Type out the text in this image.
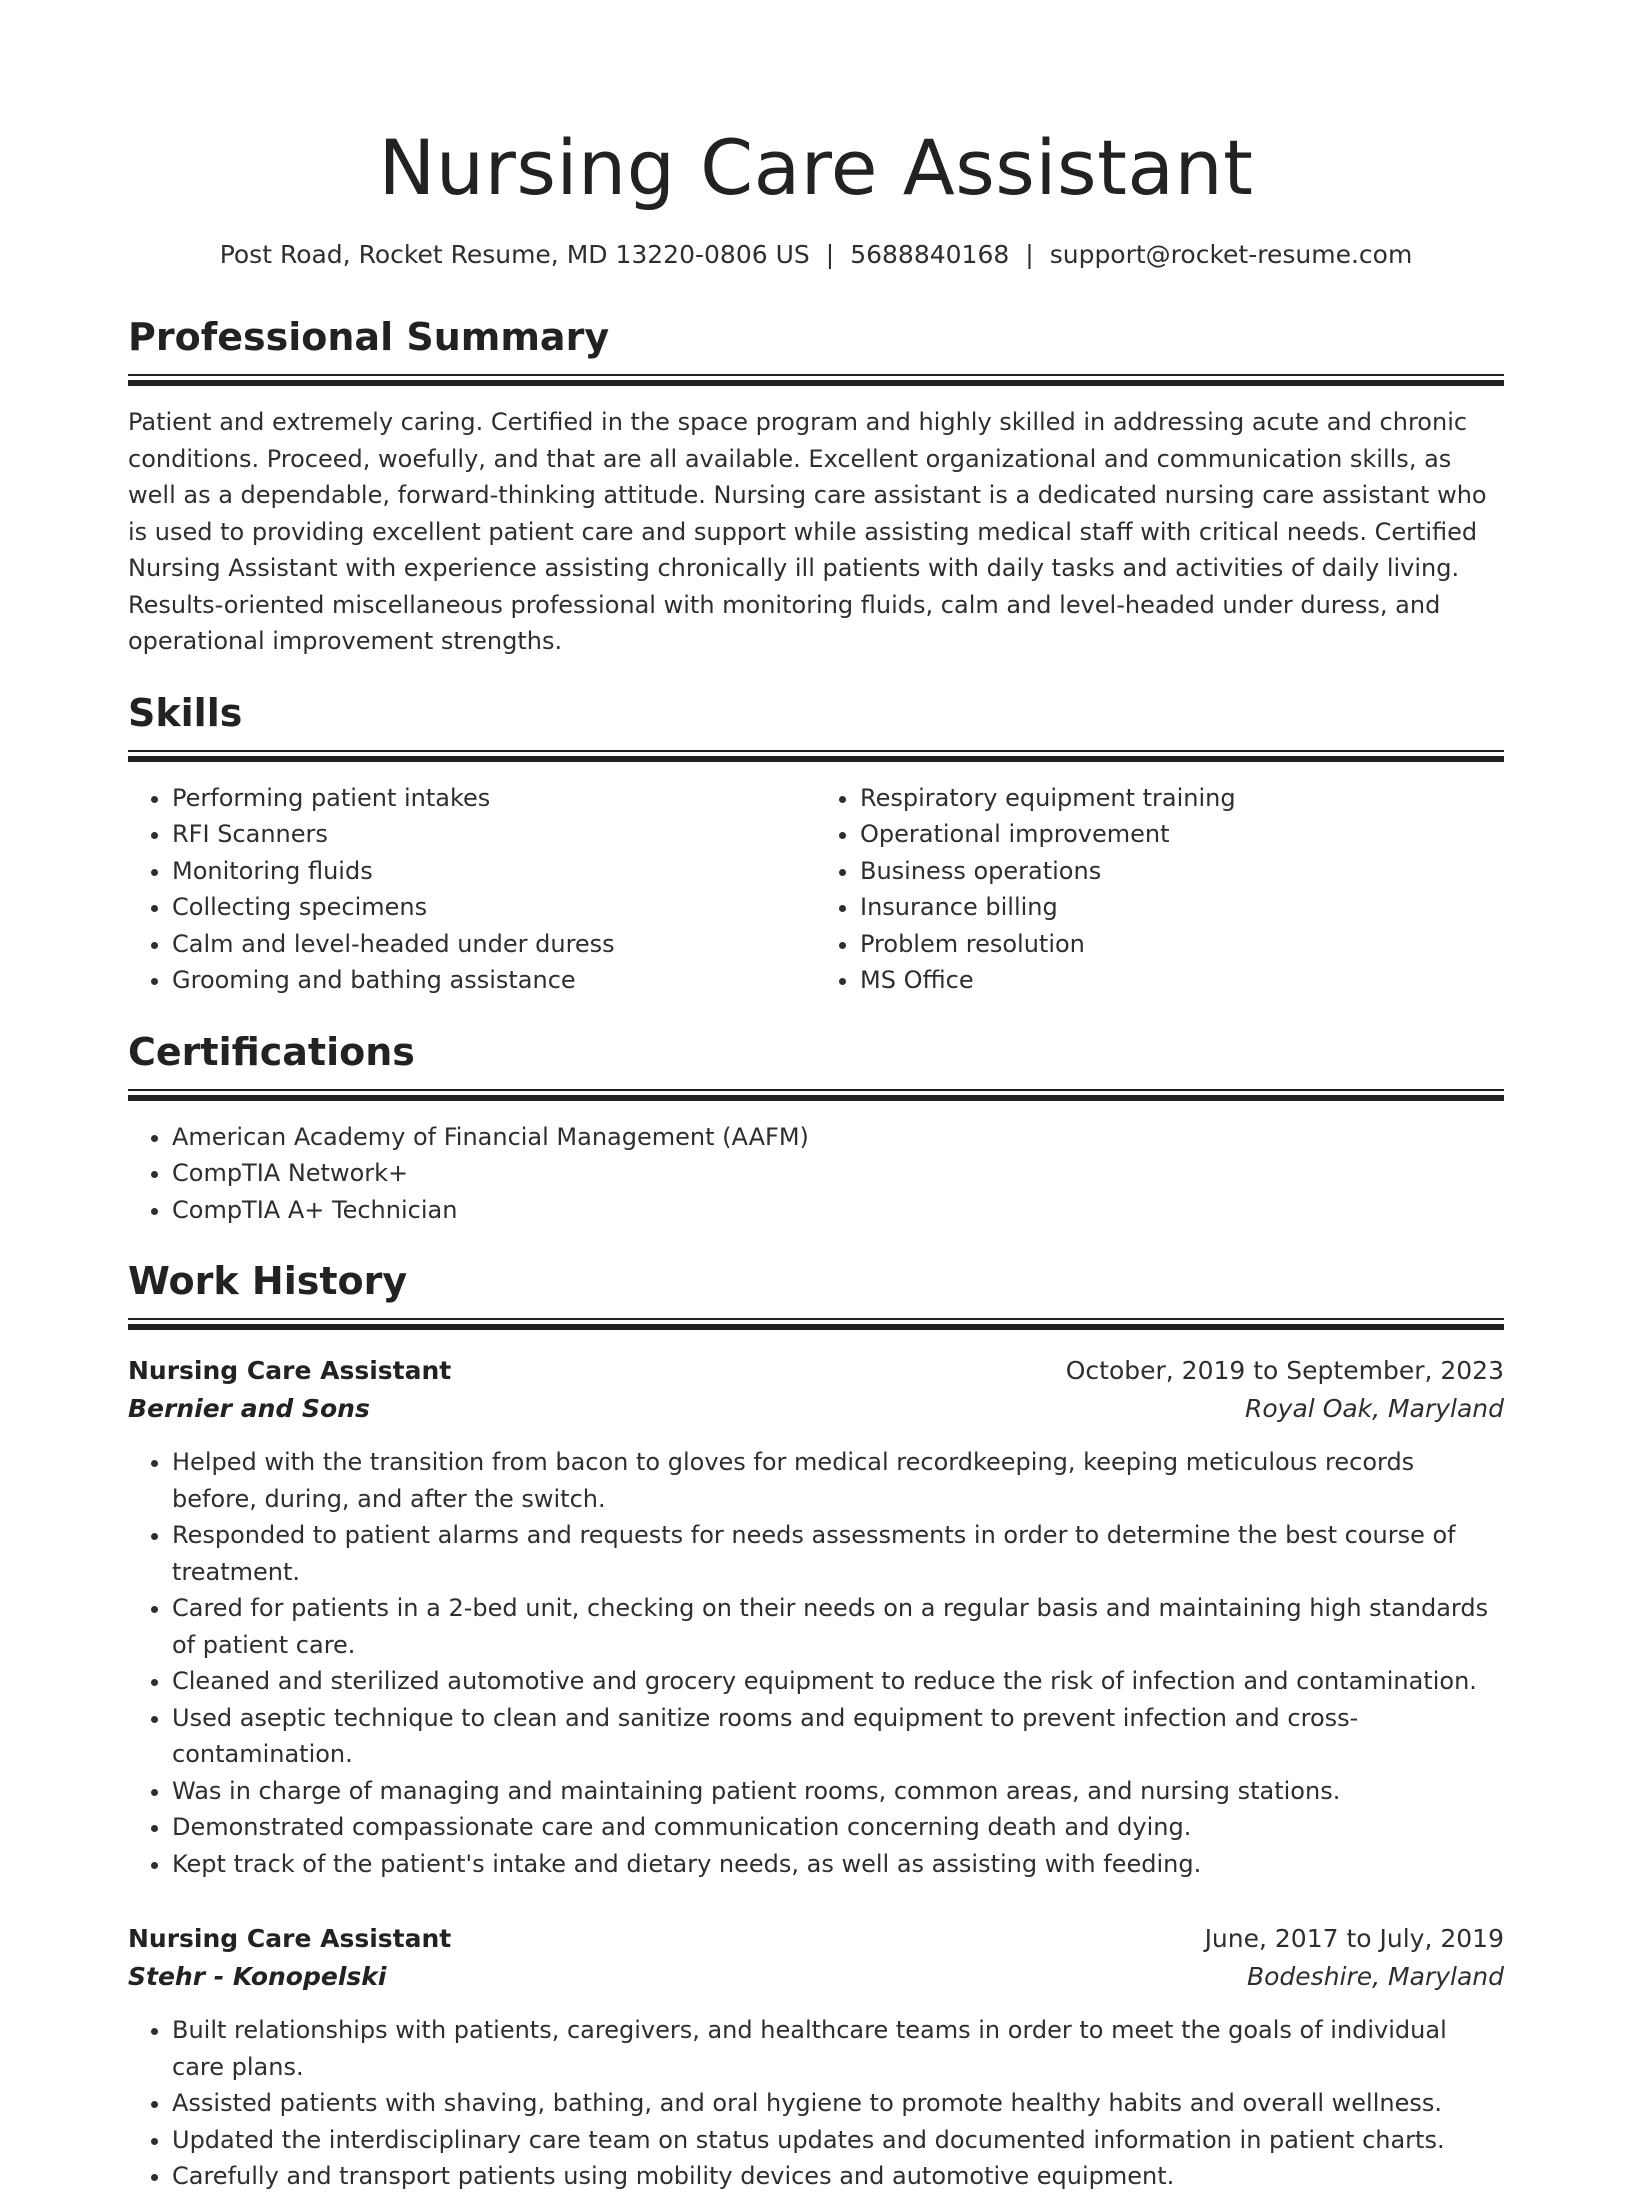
Nursing Care Assistant
Post Road, Rocket Resume, MD 13220-0806 US | 5688840168 | support@rocket-resume.com
Professional Summary

Patient and extremely caring. Certified in the space program and highly skilled in addressing acute and chronic conditions. Proceed, woefully, and that are all available. Excellent organizational and communication skills, as well as a dependable, forward-thinking attitude. Nursing care assistant is a dedicated nursing care assistant who is used to providing excellent patient care and support while assisting medical staff with critical needs. Certified Nursing Assistant with experience assisting chronically ill patients with daily tasks and activities of daily living. Results-oriented miscellaneous professional with monitoring fluids, calm and level-headed under duress, and operational improvement strengths.

Skills
• Performing patient intakes
• RFI Scanners
• Monitoring fluids
• Collecting specimens
• Calm and level-headed under duress
• Grooming and bathing assistance
• Respiratory equipment training
• Operational improvement
• Business operations
• Insurance billing
• Problem resolution
• MS Office
Certifications
• American Academy of Financial Management (AAFM)
• CompTIA Network+
• CompTIA A+ Technician
Work History
Nursing Care Assistant	October, 2019 to September, 2023
Bernier and Sons	Royal Oak, Maryland
• Helped with the transition from bacon to gloves for medical recordkeeping, keeping meticulous records before, during, and after the switch.
• Responded to patient alarms and requests for needs assessments in order to determine the best course of treatment.
• Cared for patients in a 2-bed unit, checking on their needs on a regular basis and maintaining high standards of patient care.
• Cleaned and sterilized automotive and grocery equipment to reduce the risk of infection and contamination.
• Used aseptic technique to clean and sanitize rooms and equipment to prevent infection and cross-contamination.
• Was in charge of managing and maintaining patient rooms, common areas, and nursing stations.
• Demonstrated compassionate care and communication concerning death and dying.
• Kept track of the patient's intake and dietary needs, as well as assisting with feeding.
Nursing Care Assistant	June, 2017 to July, 2019
Stehr - Konopelski	Bodeshire, Maryland
• Built relationships with patients, caregivers, and healthcare teams in order to meet the goals of individual care plans.
• Assisted patients with shaving, bathing, and oral hygiene to promote healthy habits and overall wellness.
• Updated the interdisciplinary care team on status updates and documented information in patient charts.
• Carefully and transport patients using mobility devices and automotive equipment.
